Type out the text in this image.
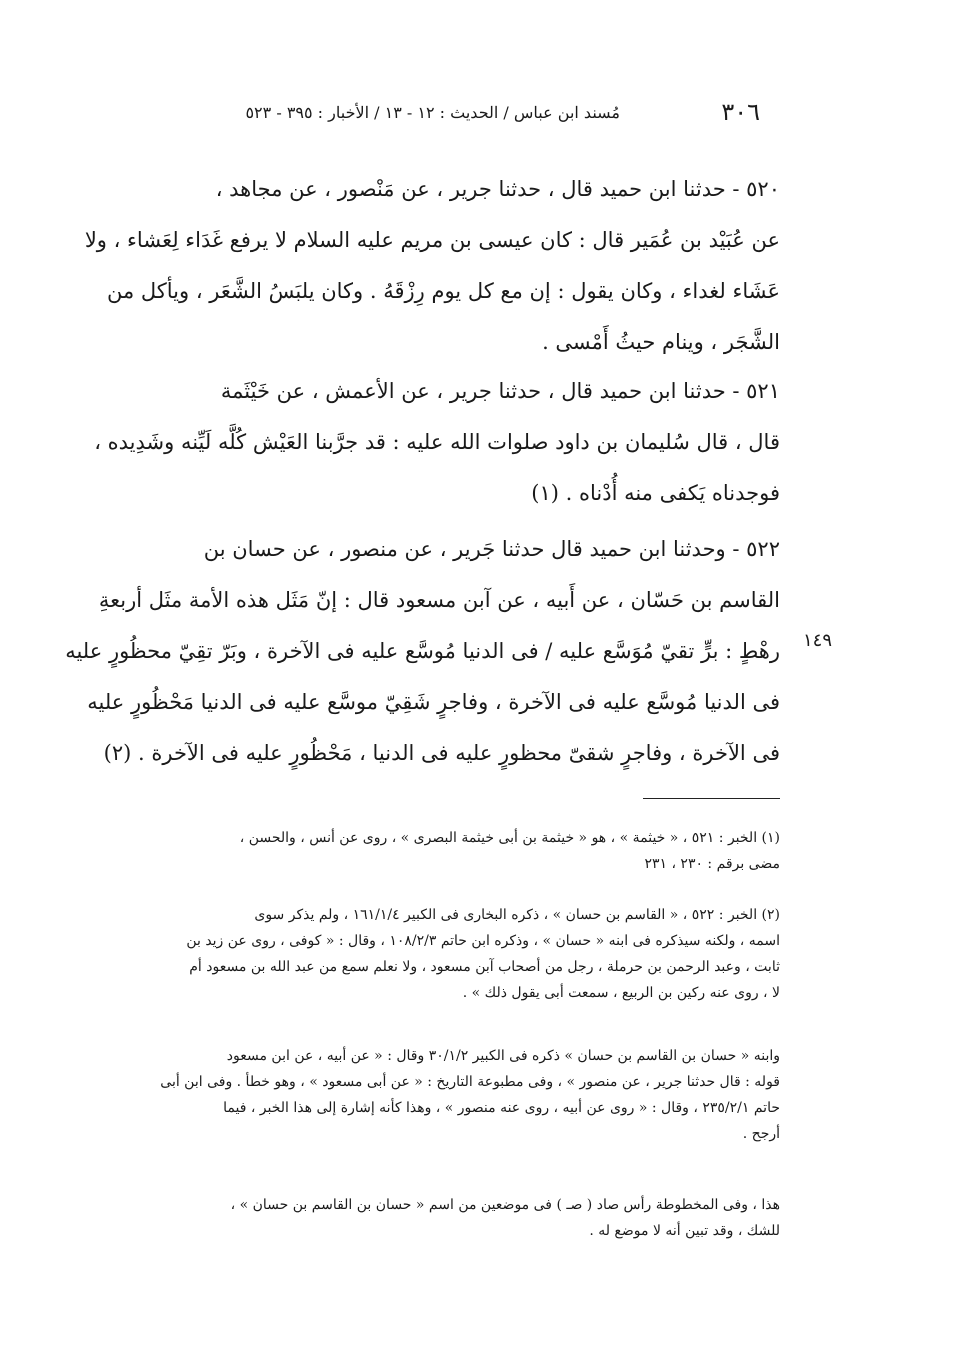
٣٠٦
مُسند ابن عباس / الحديث : ١٢ - ١٣ / الأخبار : ٣٩٥ - ٥٢٣
٥٢٠ - حدثنا ابن حميد قال ، حدثنا جرير ، عن مَنْصور ، عن مجاهد ،
عن عُبَيْد بن عُمَير قال : كان عيسى بن مريم عليه السلام لا يرفع غَدَاء لِعَشاء ، ولا
عَشَاء لغداء ، وكان يقول : إن مع كل يوم رِزْقَهُ . وكان يلبَسُ الشَّعَر ، ويأكل من
الشَّجَر ، وينام حيثُ أَمْسى .
٥٢١ - حدثنا ابن حميد قال ، حدثنا جرير ، عن الأعمش ، عن خَيْثَمة
قال ، قال سُليمان بن داود صلوات الله عليه : قد جرَّبنا العَيْش كُلَّه لَيِّنه وشَدِيده ،
فوجدناه يَكفى منه أُدْناه . (١)
٥٢٢ - وحدثنا ابن حميد قال حدثنا جَرير ، عن منصور ، عن حسان بن
القاسم بن حَسّان ، عن أَبيه ، عن آبن مسعود قال : إنّ مَثَل هذه الأمة مثَل أربعةِ
رهْطٍ : برٍّ تقيّ مُوَسَّع عليه / فى الدنيا مُوسَّع عليه فى الآخرة ، وبَرّ تقِيّ محظُورٍ عليه
فى الدنيا مُوسَّع عليه فى الآخرة ، وفاجرٍ شَقِيّ موسَّع عليه فى الدنيا مَحْظُورٍ عليه
فى الآخرة ، وفاجرٍ شقىّ محظورٍ عليه فى الدنيا ، مَحْظُورٍ عليه فى الآخرة . (٢)
١٤٩
(١) الخبر : ٥٢١ ، « خيثمة » ، هو « خيثمة بن أبى خيثمة البصرى » ، روى عن أنس ، والحسن ،
مضى برقم : ٢٣٠ ، ٢٣١
(٢) الخبر : ٥٢٢ ، « القاسم بن حسان » ، ذكره البخارى فى الكبير ١٦١/١/٤ ، ولم يذكر سوى
اسمه ، ولكنه سيذكره فى ابنه « حسان » ، وذكره ابن حاتم ١٠٨/٢/٣ ، وقال : « كوفى ، روى عن زيد بن
ثابت ، وعبد الرحمن بن حرملة ، رجل من أصحاب آبن مسعود ، ولا نعلم سمع من عبد الله بن مسعود أم
لا ، روى عنه ركين بن الربيع ، سمعت أبى يقول ذلك » .
وابنه « حسان بن القاسم بن حسان » ذكره فى الكبير ٣٠/١/٢ وقال : « عن أبيه ، عن ابن مسعود
قوله : قال حدثنا جرير ، عن منصور » ، وفى مطبوعة التاريخ : « عن أبى مسعود » ، وهو خطأ . وفى ابن أبى
حاتم ٢٣٥/٢/١ ، وقال : « روى عن أبيه ، روى عنه منصور » ، وهذا كأنه إشارة إلى هذا الخبر ، فيما
أرجح .
هذا ، وفى المخطوطة رأس صاد ( صـ ) فى موضعين من اسم « حسان بن القاسم بن حسان » ،
للشك ، وقد تبين أنه لا موضع له .
